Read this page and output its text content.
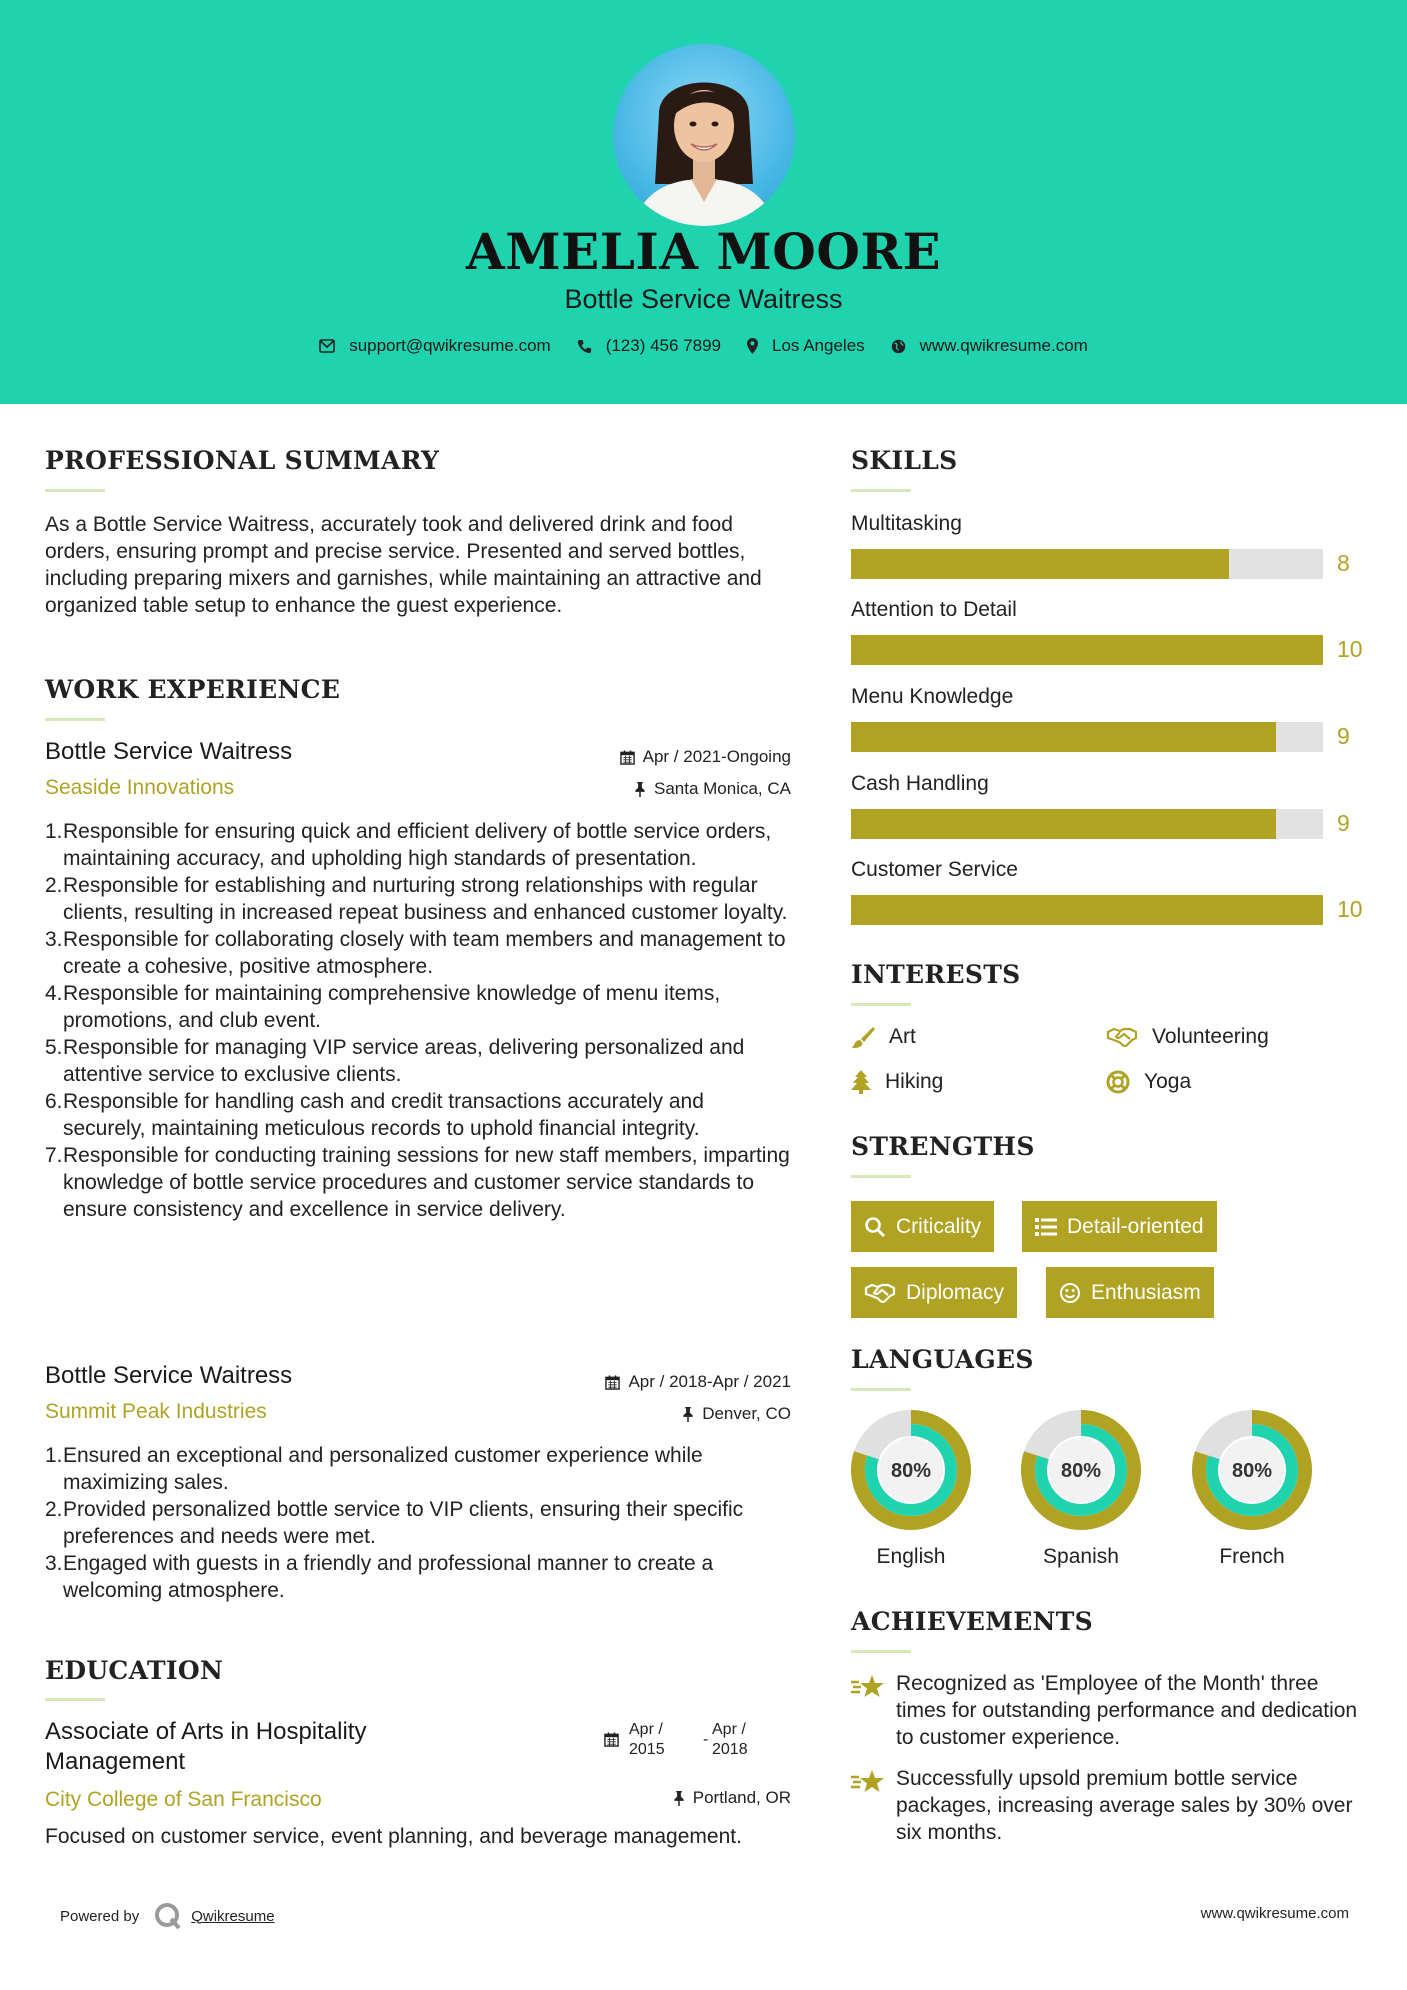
AMELIA MOORE
Bottle Service Waitress
support@qwikresume.com	(123) 456 7899	Los Angeles	www.qwikresume.com
PROFESSIONAL SUMMARY
As a Bottle Service Waitress, accurately took and delivered drink and food orders, ensuring prompt and precise service. Presented and served bottles, including preparing mixers and garnishes, while maintaining an attractive and organized table setup to enhance the guest experience.
WORK EXPERIENCE
Bottle Service Waitress
Seaside Innovations
Apr / 2021-Ongoing
Santa Monica, CA
1. Responsible for ensuring quick and efficient delivery of bottle service orders, maintaining accuracy, and upholding high standards of presentation.
2. Responsible for establishing and nurturing strong relationships with regular clients, resulting in increased repeat business and enhanced customer loyalty.
3. Responsible for collaborating closely with team members and management to create a cohesive, positive atmosphere.
4. Responsible for maintaining comprehensive knowledge of menu items, promotions, and club event.
5. Responsible for managing VIP service areas, delivering personalized and attentive service to exclusive clients.
6. Responsible for handling cash and credit transactions accurately and securely, maintaining meticulous records to uphold financial integrity.
7. Responsible for conducting training sessions for new staff members, imparting knowledge of bottle service procedures and customer service standards to ensure consistency and excellence in service delivery.
Bottle Service Waitress
Summit Peak Industries
Apr / 2018-Apr / 2021
Denver, CO
1. Ensured an exceptional and personalized customer experience while maximizing sales.
2. Provided personalized bottle service to VIP clients, ensuring their specific preferences and needs were met.
3. Engaged with guests in a friendly and professional manner to create a welcoming atmosphere.
EDUCATION
Associate of Arts in Hospitality Management
City College of San Francisco
Apr /
2015
-
Apr /
2018
Portland, OR
Focused on customer service, event planning, and beverage management.
SKILLS
Multitasking
8
Attention to Detail
10
Menu Knowledge
9
Cash Handling
9
Customer Service
10
INTERESTS
Art	Volunteering
Hiking	Yoga
STRENGTHS
Criticality	Detail-oriented
Diplomacy	Enthusiasm
LANGUAGES
80%
English
80%
Spanish
80%
French
ACHIEVEMENTS
Recognized as 'Employee of the Month' three times for outstanding performance and dedication to customer experience.
Successfully upsold premium bottle service packages, increasing average sales by 30% over six months.
Powered by	Qwikresume	www.qwikresume.com
